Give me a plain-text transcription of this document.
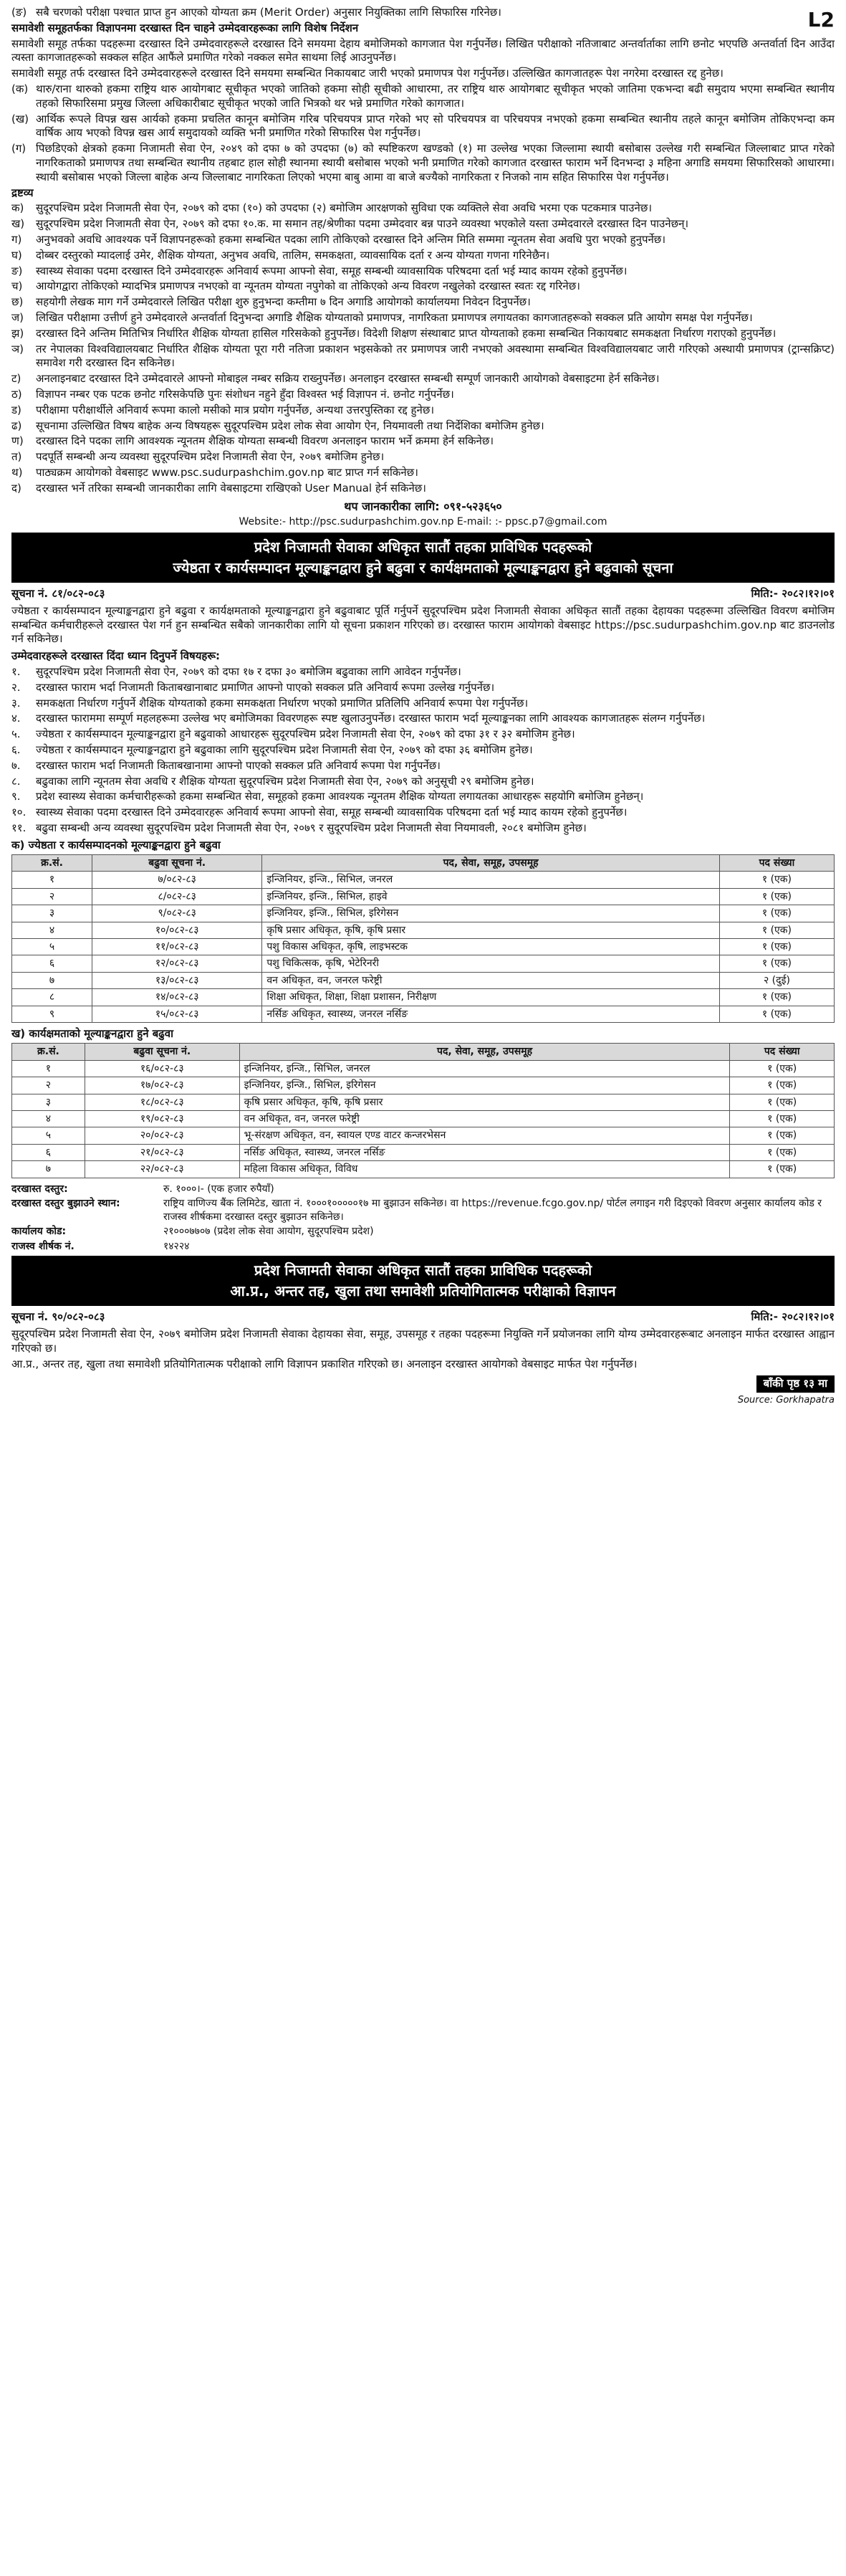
L2
(ङ) सबै चरणको परीक्षा पश्चात प्राप्त हुन आएको योग्यता क्रम (Merit Order) अनुसार नियुक्तिका लागि सिफारिस गरिनेछ।
समावेशी समूहतर्फका विज्ञापनमा दरखास्त दिन चाहने उम्मेदवारहरूका लागि विशेष निर्देशन

समावेशी समूह तर्फका पदहरूमा दरखास्त दिने उम्मेदवारहरूले दरखास्त दिने समयमा देहाय बमोजिमको कागजात पेश गर्नुपर्नेछ। लिखित परीक्षाको नतिजाबाट अन्तर्वार्ताका लागि छनोट भएपछि अन्तर्वार्ता दिन आउँदा त्यस्ता कागजातहरूको सक्कल सहित आफैंले प्रमाणित गरेको नक्कल समेत साथमा लिई आउनुपर्नेछ।

समावेशी समूह तर्फ दरखास्त दिने उम्मेदवारहरूले दरखास्त दिने समयमा सम्बन्धित निकायबाट जारी भएको प्रमाणपत्र पेश गर्नुपर्नेछ। उल्लिखित कागजातहरू पेश नगरेमा दरखास्त रद्द हुनेछ।

(क) थारु/राना थारुको हकमा राष्ट्रिय थारु आयोगबाट सूचीकृत भएको जातिको हकमा सोही सूचीको आधारमा, तर राष्ट्रिय थारु आयोगबाट सूचीकृत भएको जातिमा एकभन्दा बढी समुदाय भएमा सम्बन्धित स्थानीय तहको सिफारिसमा प्रमुख जिल्ला अधिकारीबाट सूचीकृत भएको जाति भित्रको थर भन्ने प्रमाणित गरेको कागजात।
(ख) आर्थिक रूपले विपन्न खस आर्यको हकमा प्रचलित कानून बमोजिम गरिब परिचयपत्र प्राप्त गरेको भए सो परिचयपत्र वा परिचयपत्र नभएको हकमा सम्बन्धित स्थानीय तहले कानून बमोजिम तोकिएभन्दा कम वार्षिक आय भएको विपन्न खस आर्य समुदायको व्यक्ति भनी प्रमाणित गरेको सिफारिस पेश गर्नुपर्नेछ।
(ग) पिछडिएको क्षेत्रको हकमा निजामती सेवा ऐन, २०४९ को दफा ७ को उपदफा (७) को स्पष्टिकरण खण्डको (१) मा उल्लेख भएका जिल्लामा स्थायी बसोबास उल्लेख गरी सम्बन्धित जिल्लाबाट प्राप्त गरेको नागरिकताको प्रमाणपत्र तथा सम्बन्धित स्थानीय तहबाट हाल सोही स्थानमा स्थायी बसोबास भएको भनी प्रमाणित गरेको कागजात दरखास्त फाराम भर्ने दिनभन्दा ३ महिना अगाडि समयमा सिफारिसको आधारमा। स्थायी बसोबास भएको जिल्ला बाहेक अन्य जिल्लाबाट नागरिकता लिएको भएमा बाबु आमा वा बाजे बज्यैको नागरिकता र निजको नाम सहित सिफारिस पेश गर्नुपर्नेछ।
द्रष्टव्य
क)	सुदूरपश्चिम प्रदेश निजामती सेवा ऐन, २०७९ को दफा (१०) को उपदफा (२) बमोजिम आरक्षणको सुविधा एक व्यक्तिले सेवा अवधि भरमा एक पटकमात्र पाउनेछ।
ख)	सुदूरपश्चिम प्रदेश निजामती सेवा ऐन, २०७९ को दफा १०.क. मा समान तह/श्रेणीका पदमा उम्मेदवार बन्न पाउने व्यवस्था भएकोले यस्ता उम्मेदवारले दरखास्त दिन पाउनेछन्।
ग)	अनुभवको अवधि आवश्यक पर्ने विज्ञापनहरूको हकमा सम्बन्धित पदका लागि तोकिएको दरखास्त दिने अन्तिम मिति सम्ममा न्यूनतम सेवा अवधि पुरा भएको हुनुपर्नेछ।
घ)	दोब्बर दस्तुरको म्यादलाई उमेर, शैक्षिक योग्यता, अनुभव अवधि, तालिम, समकक्षता, व्यावसायिक दर्ता र अन्य योग्यता गणना गरिनेछैन।
ङ)	स्वास्थ्य सेवाका पदमा दरखास्त दिने उम्मेदवारहरू अनिवार्य रूपमा आफ्नो सेवा, समूह सम्बन्धी व्यावसायिक परिषदमा दर्ता भई म्याद कायम रहेको हुनुपर्नेछ।
च)	आयोगद्वारा तोकिएको म्यादभित्र प्रमाणपत्र नभएको वा न्यूनतम योग्यता नपुगेको वा तोकिएको अन्य विवरण नखुलेको दरखास्त स्वतः रद्द गरिनेछ।
छ)	सहयोगी लेखक माग गर्ने उम्मेदवारले लिखित परीक्षा शुरु हुनुभन्दा कम्तीमा ७ दिन अगाडि आयोगको कार्यालयमा निवेदन दिनुपर्नेछ।
ज)	लिखित परीक्षामा उत्तीर्ण हुने उम्मेदवारले अन्तर्वार्ता दिनुभन्दा अगाडि शैक्षिक योग्यताको प्रमाणपत्र, नागरिकता प्रमाणपत्र लगायतका कागजातहरूको सक्कल प्रति आयोग समक्ष पेश गर्नुपर्नेछ।
झ)	दरखास्त दिने अन्तिम मितिभित्र निर्धारित शैक्षिक योग्यता हासिल गरिसकेको हुनुपर्नेछ। विदेशी शिक्षण संस्थाबाट प्राप्त योग्यताको हकमा सम्बन्धित निकायबाट समकक्षता निर्धारण गराएको हुनुपर्नेछ।
ञ)	तर नेपालका विश्वविद्यालयबाट निर्धारित शैक्षिक योग्यता पूरा गरी नतिजा प्रकाशन भइसकेको तर प्रमाणपत्र जारी नभएको अवस्थामा सम्बन्धित विश्वविद्यालयबाट जारी गरिएको अस्थायी प्रमाणपत्र (ट्रान्सक्रिप्ट) समावेश गरी दरखास्त दिन सकिनेछ।
ट)	अनलाइनबाट दरखास्त दिने उम्मेदवारले आफ्नो मोबाइल नम्बर सक्रिय राख्नुपर्नेछ। अनलाइन दरखास्त सम्बन्धी सम्पूर्ण जानकारी आयोगको वेबसाइटमा हेर्न सकिनेछ।
ठ)	विज्ञापन नम्बर एक पटक छनोट गरिसकेपछि पुनः संशोधन नहुने हुँदा विश्वस्त भई विज्ञापन नं. छनोट गर्नुपर्नेछ।
ड)	परीक्षामा परीक्षार्थीले अनिवार्य रूपमा कालो मसीको मात्र प्रयोग गर्नुपर्नेछ, अन्यथा उत्तरपुस्तिका रद्द हुनेछ।
ढ)	सूचनामा उल्लिखित विषय बाहेक अन्य विषयहरू सुदूरपश्चिम प्रदेश लोक सेवा आयोग ऐन, नियमावली तथा निर्देशिका बमोजिम हुनेछ।
ण)	दरखास्त दिने पदका लागि आवश्यक न्यूनतम शैक्षिक योग्यता सम्बन्धी विवरण अनलाइन फाराम भर्ने क्रममा हेर्न सकिनेछ।
त)	पदपूर्ति सम्बन्धी अन्य व्यवस्था सुदूरपश्चिम प्रदेश निजामती सेवा ऐन, २०७९ बमोजिम हुनेछ।
थ)	पाठ्यक्रम आयोगको वेबसाइट www.psc.sudurpashchim.gov.np बाट प्राप्त गर्न सकिनेछ।
द)	दरखास्त भर्ने तरिका सम्बन्धी जानकारीका लागि वेबसाइटमा राखिएको User Manual हेर्न सकिनेछ।
थप जानकारीका लागि: ०९१-५२३६५०
Website:- http://psc.sudurpashchim.gov.np E-mail: :- ppsc.p7@gmail.com
प्रदेश निजामती सेवाका अधिकृत सातौं तहका प्राविधिक पदहरूको
ज्येष्ठता र कार्यसम्पादन मूल्याङ्कनद्वारा हुने बढुवा र कार्यक्षमताको मूल्याङ्कनद्वारा हुने बढुवाको सूचना
सूचना नं. ८१/०८२-०८३	मिति:- २०८२।१२।०१

ज्येष्ठता र कार्यसम्पादन मूल्याङ्कनद्वारा हुने बढुवा र कार्यक्षमताको मूल्याङ्कनद्वारा हुने बढुवाबाट पूर्ति गर्नुपर्ने सुदूरपश्चिम प्रदेश निजामती सेवाका अधिकृत सातौं तहका देहायका पदहरूमा उल्लिखित विवरण बमोजिम सम्बन्धित कर्मचारीहरूले दरखास्त पेश गर्न हुन सम्बन्धित सबैको जानकारीका लागि यो सूचना प्रकाशन गरिएको छ। दरखास्त फाराम आयोगको वेबसाइट https://psc.sudurpashchim.gov.np बाट डाउनलोड गर्न सकिनेछ।

उम्मेदवारहरूले दरखास्त दिंदा ध्यान दिनुपर्ने विषयहरू:
१.	सुदूरपश्चिम प्रदेश निजामती सेवा ऐन, २०७९ को दफा १७ र दफा ३० बमोजिम बढुवाका लागि आवेदन गर्नुपर्नेछ।
२.	दरखास्त फाराम भर्दा निजामती किताबखानाबाट प्रमाणित आफ्नो पाएको सक्कल प्रति अनिवार्य रूपमा उल्लेख गर्नुपर्नेछ।
३.	समकक्षता निर्धारण गर्नुपर्ने शैक्षिक योग्यताको हकमा समकक्षता निर्धारण भएको प्रमाणित प्रतिलिपि अनिवार्य रूपमा पेश गर्नुपर्नेछ।
४.	दरखास्त फाराममा सम्पूर्ण महलहरूमा उल्लेख भए बमोजिमका विवरणहरू स्पष्ट खुलाउनुपर्नेछ। दरखास्त फाराम भर्दा मूल्याङ्कनका लागि आवश्यक कागजातहरू संलग्न गर्नुपर्नेछ।
५.	ज्येष्ठता र कार्यसम्पादन मूल्याङ्कनद्वारा हुने बढुवाको आधारहरू सुदूरपश्चिम प्रदेश निजामती सेवा ऐन, २०७९ को दफा ३१ र ३२ बमोजिम हुनेछ।
६.	ज्येष्ठता र कार्यसम्पादन मूल्याङ्कनद्वारा हुने बढुवाका लागि सुदूरपश्चिम प्रदेश निजामती सेवा ऐन, २०७९ को दफा ३६ बमोजिम हुनेछ।
७.	दरखास्त फाराम भर्दा निजामती किताबखानामा आफ्नो पाएको सक्कल प्रति अनिवार्य रूपमा पेश गर्नुपर्नेछ।
८.	बढुवाका लागि न्यूनतम सेवा अवधि र शैक्षिक योग्यता सुदूरपश्चिम प्रदेश निजामती सेवा ऐन, २०७९ को अनुसूची २९ बमोजिम हुनेछ।
९.	प्रदेश स्वास्थ्य सेवाका कर्मचारीहरूको हकमा सम्बन्धित सेवा, समूहको हकमा आवश्यक न्यूनतम शैक्षिक योग्यता लगायतका आधारहरू सहयोगि बमोजिम हुनेछन्।
१०. स्वास्थ्य सेवाका पदमा दरखास्त दिने उम्मेदवारहरू अनिवार्य रूपमा आफ्नो सेवा, समूह सम्बन्धी व्यावसायिक परिषदमा दर्ता भई म्याद कायम रहेको हुनुपर्नेछ।
११. बढुवा सम्बन्धी अन्य व्यवस्था सुदूरपश्चिम प्रदेश निजामती सेवा ऐन, २०७९ र सुदूरपश्चिम प्रदेश निजामती सेवा नियमावली, २०८१ बमोजिम हुनेछ।
क) ज्येष्ठता र कार्यसम्पादनको मूल्याङ्कनद्वारा हुने बढुवा
क्र.सं.	बढुवा सूचना नं.	पद, सेवा, समूह, उपसमूह	पद संख्या
१	७/०८२-८३	इन्जिनियर, इन्जि., सिभिल, जनरल	१ (एक)
२	८/०८२-८३	इन्जिनियर, इन्जि., सिभिल, हाइवे	१ (एक)
३	९/०८२-८३	इन्जिनियर, इन्जि., सिभिल, इरिगेसन	१ (एक)
४	१०/०८२-८३	कृषि प्रसार अधिकृत, कृषि, कृषि प्रसार	१ (एक)
५	११/०८२-८३	पशु विकास अधिकृत, कृषि, लाइभस्टक	१ (एक)
६	१२/०८२-८३	पशु चिकित्सक, कृषि, भेटेरिनरी	१ (एक)
७	१३/०८२-८३	वन अधिकृत, वन, जनरल फरेष्ट्री	२ (दुई)
८	१४/०८२-८३	शिक्षा अधिकृत, शिक्षा, शिक्षा प्रशासन, निरीक्षण	१ (एक)
९	१५/०८२-८३	नर्सिङ अधिकृत, स्वास्थ्य, जनरल नर्सिङ	१ (एक)
ख) कार्यक्षमताको मूल्याङ्कनद्वारा हुने बढुवा
क्र.सं.	बढुवा सूचना नं.	पद, सेवा, समूह, उपसमूह	पद संख्या
१	१६/०८२-८३	इन्जिनियर, इन्जि., सिभिल, जनरल	१ (एक)
२	१७/०८२-८३	इन्जिनियर, इन्जि., सिभिल, इरिगेसन	१ (एक)
३	१८/०८२-८३	कृषि प्रसार अधिकृत, कृषि, कृषि प्रसार	१ (एक)
४	१९/०८२-८३	वन अधिकृत, वन, जनरल फरेष्ट्री	१ (एक)
५	२०/०८२-८३	भू-संरक्षण अधिकृत, वन, स्वायल एण्ड वाटर कन्जरभेसन	१ (एक)
६	२१/०८२-८३	नर्सिङ अधिकृत, स्वास्थ्य, जनरल नर्सिङ	१ (एक)
७	२२/०८२-८३	महिला विकास अधिकृत, विविध	१ (एक)
दरखास्त दस्तुर:	रु. १०००।- (एक हजार रुपैयाँ)
दरखास्त दस्तुर बुझाउने स्थान:	राष्ट्रिय वाणिज्य बैंक लिमिटेड, खाता नं. १०००१०००००१७ मा बुझाउन सकिनेछ। वा https://revenue.fcgo.gov.np/ पोर्टल लगाइन गरी दिइएको विवरण अनुसार कार्यालय कोड र राजस्व शीर्षकमा दरखास्त दस्तुर बुझाउन सकिनेछ।
कार्यालय कोड:	२१०००७७०७ (प्रदेश लोक सेवा आयोग, सुदूरपश्चिम प्रदेश)
राजस्व शीर्षक नं.	१४२२४
प्रदेश निजामती सेवाका अधिकृत सातौं तहका प्राविधिक पदहरूको
आ.प्र., अन्तर तह, खुला तथा समावेशी प्रतियोगितात्मक परीक्षाको विज्ञापन
सूचना नं. ९०/०८२-०८३	मिति:- २०८२।१२।०१

सुदूरपश्चिम प्रदेश निजामती सेवा ऐन, २०७९ बमोजिम प्रदेश निजामती सेवाका देहायका सेवा, समूह, उपसमूह र तहका पदहरूमा नियुक्ति गर्ने प्रयोजनका लागि योग्य उम्मेदवारहरूबाट अनलाइन मार्फत दरखास्त आह्वान गरिएको छ।

आ.प्र., अन्तर तह, खुला तथा समावेशी प्रतियोगितात्मक परीक्षाको लागि विज्ञापन प्रकाशित गरिएको छ। अनलाइन दरखास्त आयोगको वेबसाइट मार्फत पेश गर्नुपर्नेछ।

बाँकी पृष्ठ १३ मा
Source: Gorkhapatra
